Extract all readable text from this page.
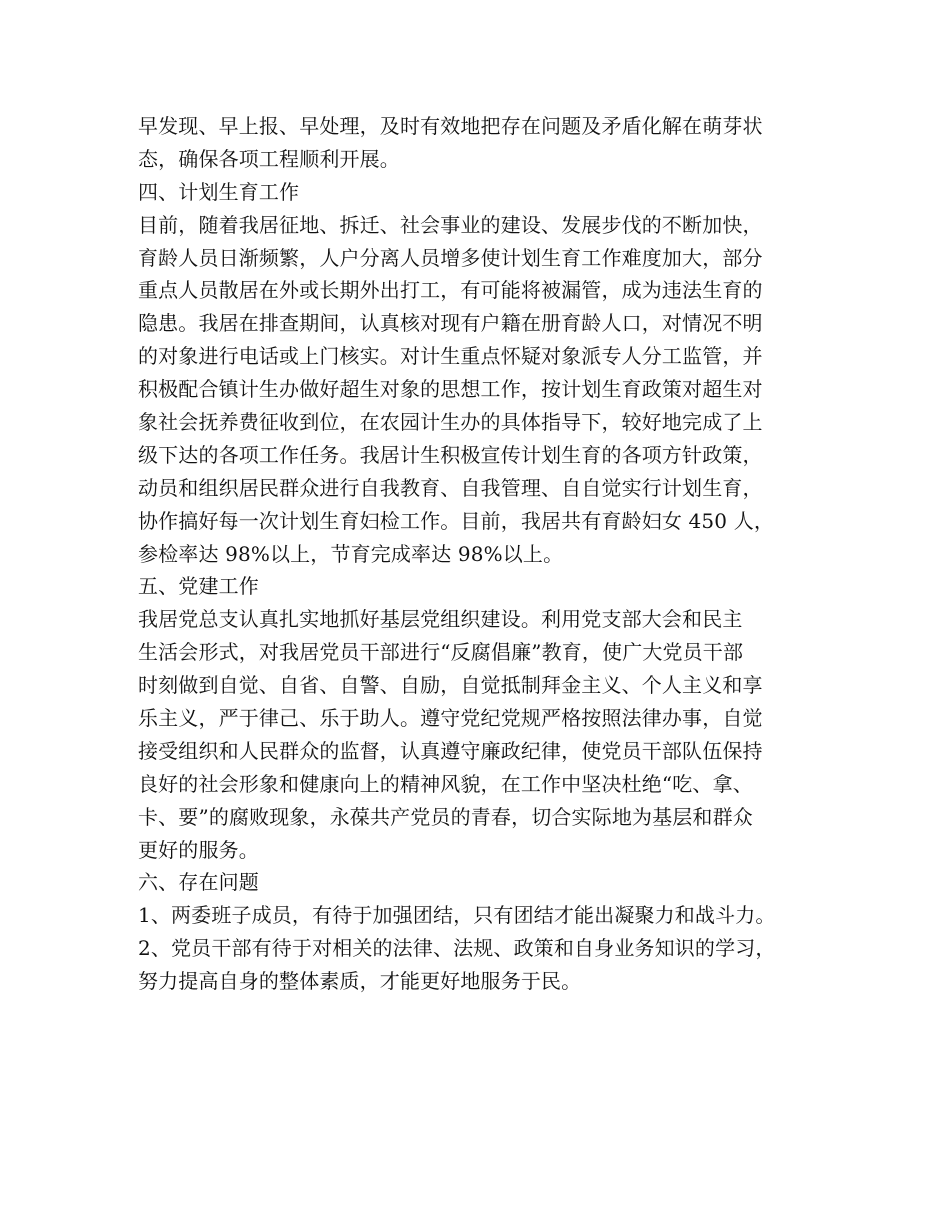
早发现、早上报、早处理，及时有效地把存在问题及矛盾化解在萌芽状
态，确保各项工程顺利开展。
四、计划生育工作
目前，随着我居征地、拆迁、社会事业的建设、发展步伐的不断加快，
育龄人员日渐频繁，人户分离人员增多使计划生育工作难度加大，部分
重点人员散居在外或长期外出打工，有可能将被漏管，成为违法生育的
隐患。我居在排查期间，认真核对现有户籍在册育龄人口，对情况不明
的对象进行电话或上门核实。对计生重点怀疑对象派专人分工监管，并
积极配合镇计生办做好超生对象的思想工作，按计划生育政策对超生对
象社会抚养费征收到位，在农园计生办的具体指导下，较好地完成了上
级下达的各项工作任务。我居计生积极宣传计划生育的各项方针政策，
动员和组织居民群众进行自我教育、自我管理、自自觉实行计划生育，
协作搞好每一次计划生育妇检工作。目前，我居共有育龄妇女 450 人，
参检率达 98%以上，节育完成率达 98%以上。
五、党建工作
我居党总支认真扎实地抓好基层党组织建设。利用党支部大会和民主
生活会形式，对我居党员干部进行“反腐倡廉”教育，使广大党员干部
时刻做到自觉、自省、自警、自励，自觉抵制拜金主义、个人主义和享
乐主义，严于律己、乐于助人。遵守党纪党规严格按照法律办事，自觉
接受组织和人民群众的监督，认真遵守廉政纪律，使党员干部队伍保持
良好的社会形象和健康向上的精神风貌，在工作中坚决杜绝“吃、拿、
卡、要”的腐败现象，永葆共产党员的青春，切合实际地为基层和群众
更好的服务。
六、存在问题
1、两委班子成员，有待于加强团结，只有团结才能出凝聚力和战斗力。
2、党员干部有待于对相关的法律、法规、政策和自身业务知识的学习，
努力提高自身的整体素质，才能更好地服务于民。
